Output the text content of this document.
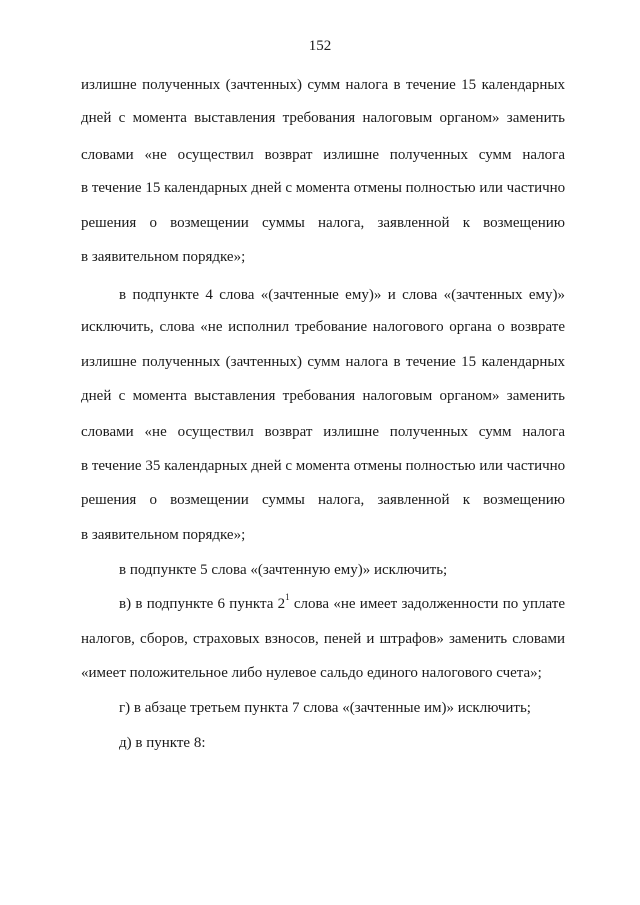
152
излишне полученных (зачтенных) сумм налога в течение 15 календарных
дней с момента выставления требования налоговым органом» заменить
словами «не осуществил возврат излишне полученных сумм налога
в течение 15 календарных дней с момента отмены полностью или частично
решения о возмещении суммы налога, заявленной к возмещению
в заявительном порядке»;
в подпункте 4 слова «(зачтенные ему)» и слова «(зачтенных ему)»
исключить, слова «не исполнил требование налогового органа о возврате
излишне полученных (зачтенных) сумм налога в течение 15 календарных
дней с момента выставления требования налоговым органом» заменить
словами «не осуществил возврат излишне полученных сумм налога
в течение 35 календарных дней с момента отмены полностью или частично
решения о возмещении суммы налога, заявленной к возмещению
в заявительном порядке»;
в подпункте 5 слова «(зачтенную ему)» исключить;
в) в подпункте 6 пункта $2^1$ слова «не имеет задолженности по уплате
налогов, сборов, страховых взносов, пеней и штрафов» заменить словами
«имеет положительное либо нулевое сальдо единого налогового счета»;
г) в абзаце третьем пункта 7 слова «(зачтенные им)» исключить;
д) в пункте 8:
